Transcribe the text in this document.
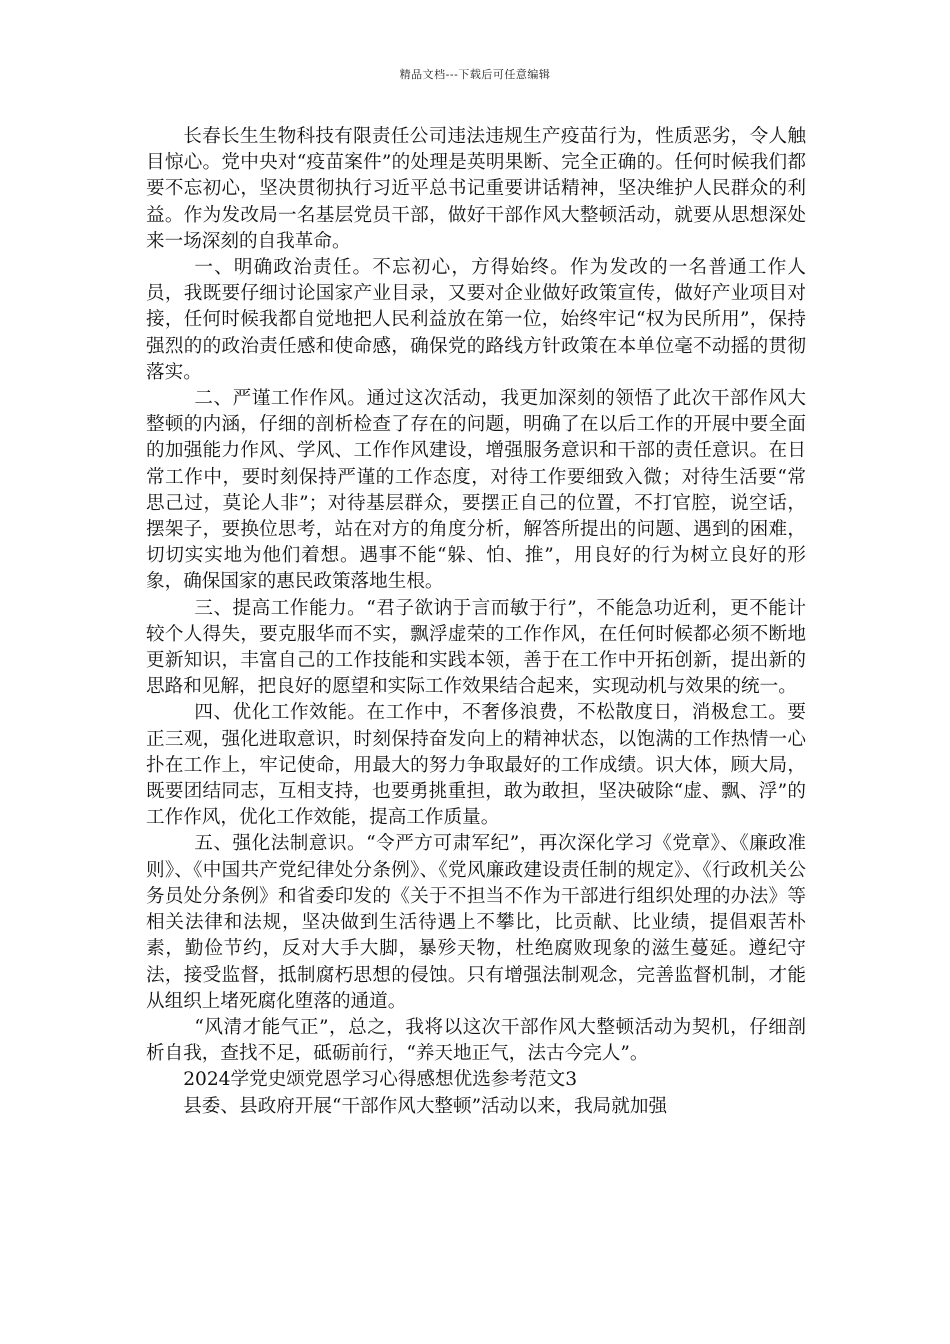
精品文档---下载后可任意编辑

长春长生生物科技有限责任公司违法违规生产疫苗行为，性质恶劣，令人触目惊心。党中央对“疫苗案件”的处理是英明果断、完全正确的。任何时候我们都要不忘初心，坚决贯彻执行习近平总书记重要讲话精神，坚决维护人民群众的利益。作为发改局一名基层党员干部，做好干部作风大整顿活动，就要从思想深处来一场深刻的自我革命。

一、明确政治责任。不忘初心，方得始终。作为发改的一名普通工作人员，我既要仔细讨论国家产业目录，又要对企业做好政策宣传，做好产业项目对接，任何时候我都自觉地把人民利益放在第一位，始终牢记“权为民所用”，保持强烈的的政治责任感和使命感，确保党的路线方针政策在本单位毫不动摇的贯彻落实。

二、严谨工作作风。通过这次活动，我更加深刻的领悟了此次干部作风大整顿的内涵，仔细的剖析检查了存在的问题，明确了在以后工作的开展中要全面的加强能力作风、学风、工作作风建设，增强服务意识和干部的责任意识。在日常工作中，要时刻保持严谨的工作态度，对待工作要细致入微；对待生活要“常思己过，莫论人非”；对待基层群众，要摆正自己的位置，不打官腔，说空话，摆架子，要换位思考，站在对方的角度分析，解答所提出的问题、遇到的困难，切切实实地为他们着想。遇事不能“躲、怕、推”，用良好的行为树立良好的形象，确保国家的惠民政策落地生根。

三、提高工作能力。“君子欲讷于言而敏于行”，不能急功近利，更不能计较个人得失，要克服华而不实，飘浮虚荣的工作作风，在任何时候都必须不断地更新知识，丰富自己的工作技能和实践本领，善于在工作中开拓创新，提出新的思路和见解，把良好的愿望和实际工作效果结合起来，实现动机与效果的统一。

四、优化工作效能。在工作中，不奢侈浪费，不松散度日，消极怠工。要正三观，强化进取意识，时刻保持奋发向上的精神状态，以饱满的工作热情一心扑在工作上，牢记使命，用最大的努力争取最好的工作成绩。识大体，顾大局，既要团结同志，互相支持，也要勇挑重担，敢为敢担，坚决破除“虚、飘、浮”的工作作风，优化工作效能，提高工作质量。

五、强化法制意识。“令严方可肃军纪”，再次深化学习《党章》、《廉政准则》、《中国共产党纪律处分条例》、《党风廉政建设责任制的规定》、《行政机关公务员处分条例》和省委印发的《关于不担当不作为干部进行组织处理的办法》等相关法律和法规，坚决做到生活待遇上不攀比，比贡献、比业绩，提倡艰苦朴素，勤俭节约，反对大手大脚，暴殄天物，杜绝腐败现象的滋生蔓延。遵纪守法，接受监督，抵制腐朽思想的侵蚀。只有增强法制观念，完善监督机制，才能从组织上堵死腐化堕落的通道。

“风清才能气正”，总之，我将以这次干部作风大整顿活动为契机，仔细剖析自我，查找不足，砥砺前行，“养天地正气，法古今完人”。

2024学党史颂党恩学习心得感想优选参考范文3

县委、县政府开展“干部作风大整顿”活动以来，我局就加强
